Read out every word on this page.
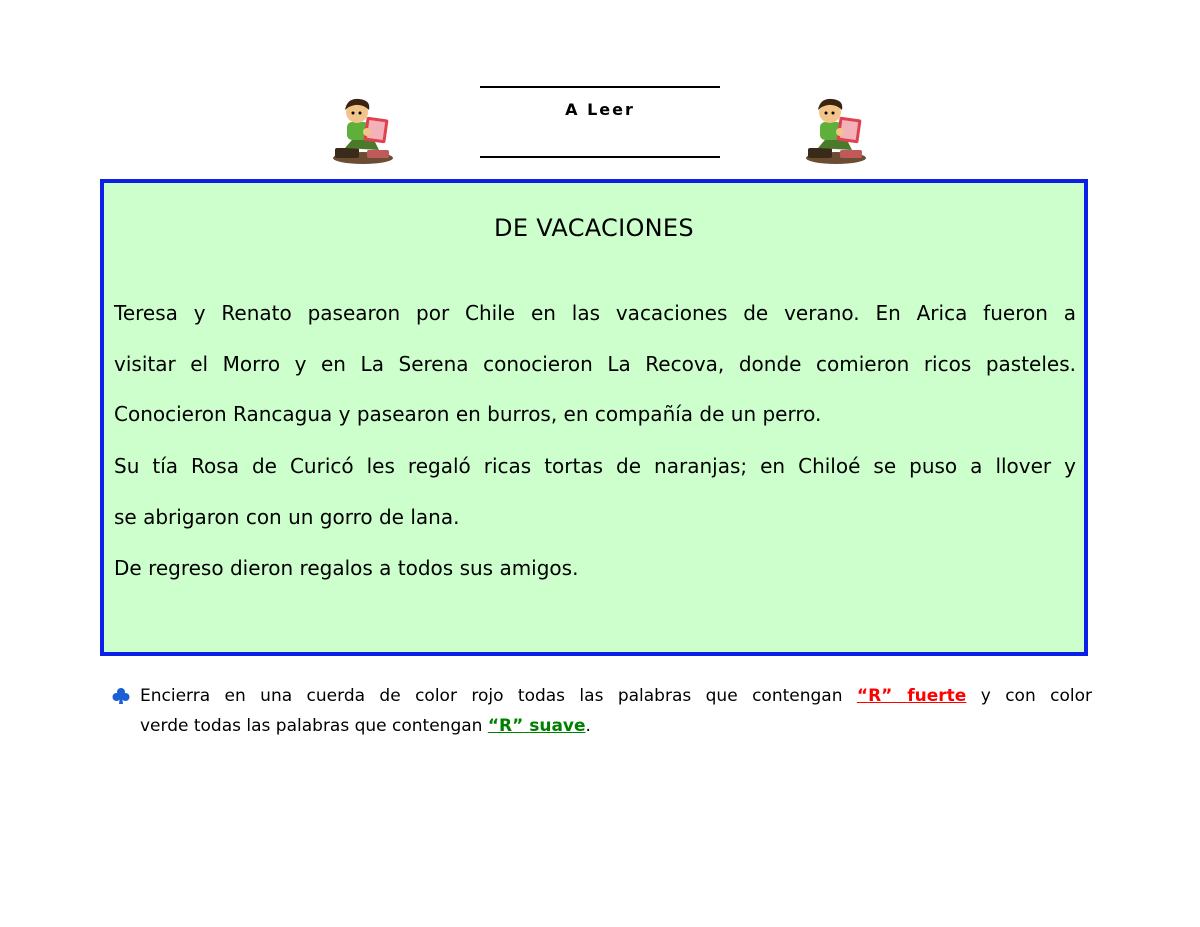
A Leer
DE VACACIONES
Teresa y Renato pasearon por Chile en las vacaciones de verano. En Arica fueron a
visitar el Morro y en La Serena conocieron La Recova, donde comieron ricos pasteles.
Conocieron Rancagua y pasearon en burros, en compañía de un perro.
Su tía Rosa de Curicó les regaló ricas tortas de naranjas; en Chiloé se puso a llover y
se abrigaron con un gorro de lana.
De regreso dieron regalos a todos sus amigos.
Encierra en una cuerda de color rojo todas las palabras que contengan “R” fuerte y con color
verde todas las palabras que contengan “R” suave.
